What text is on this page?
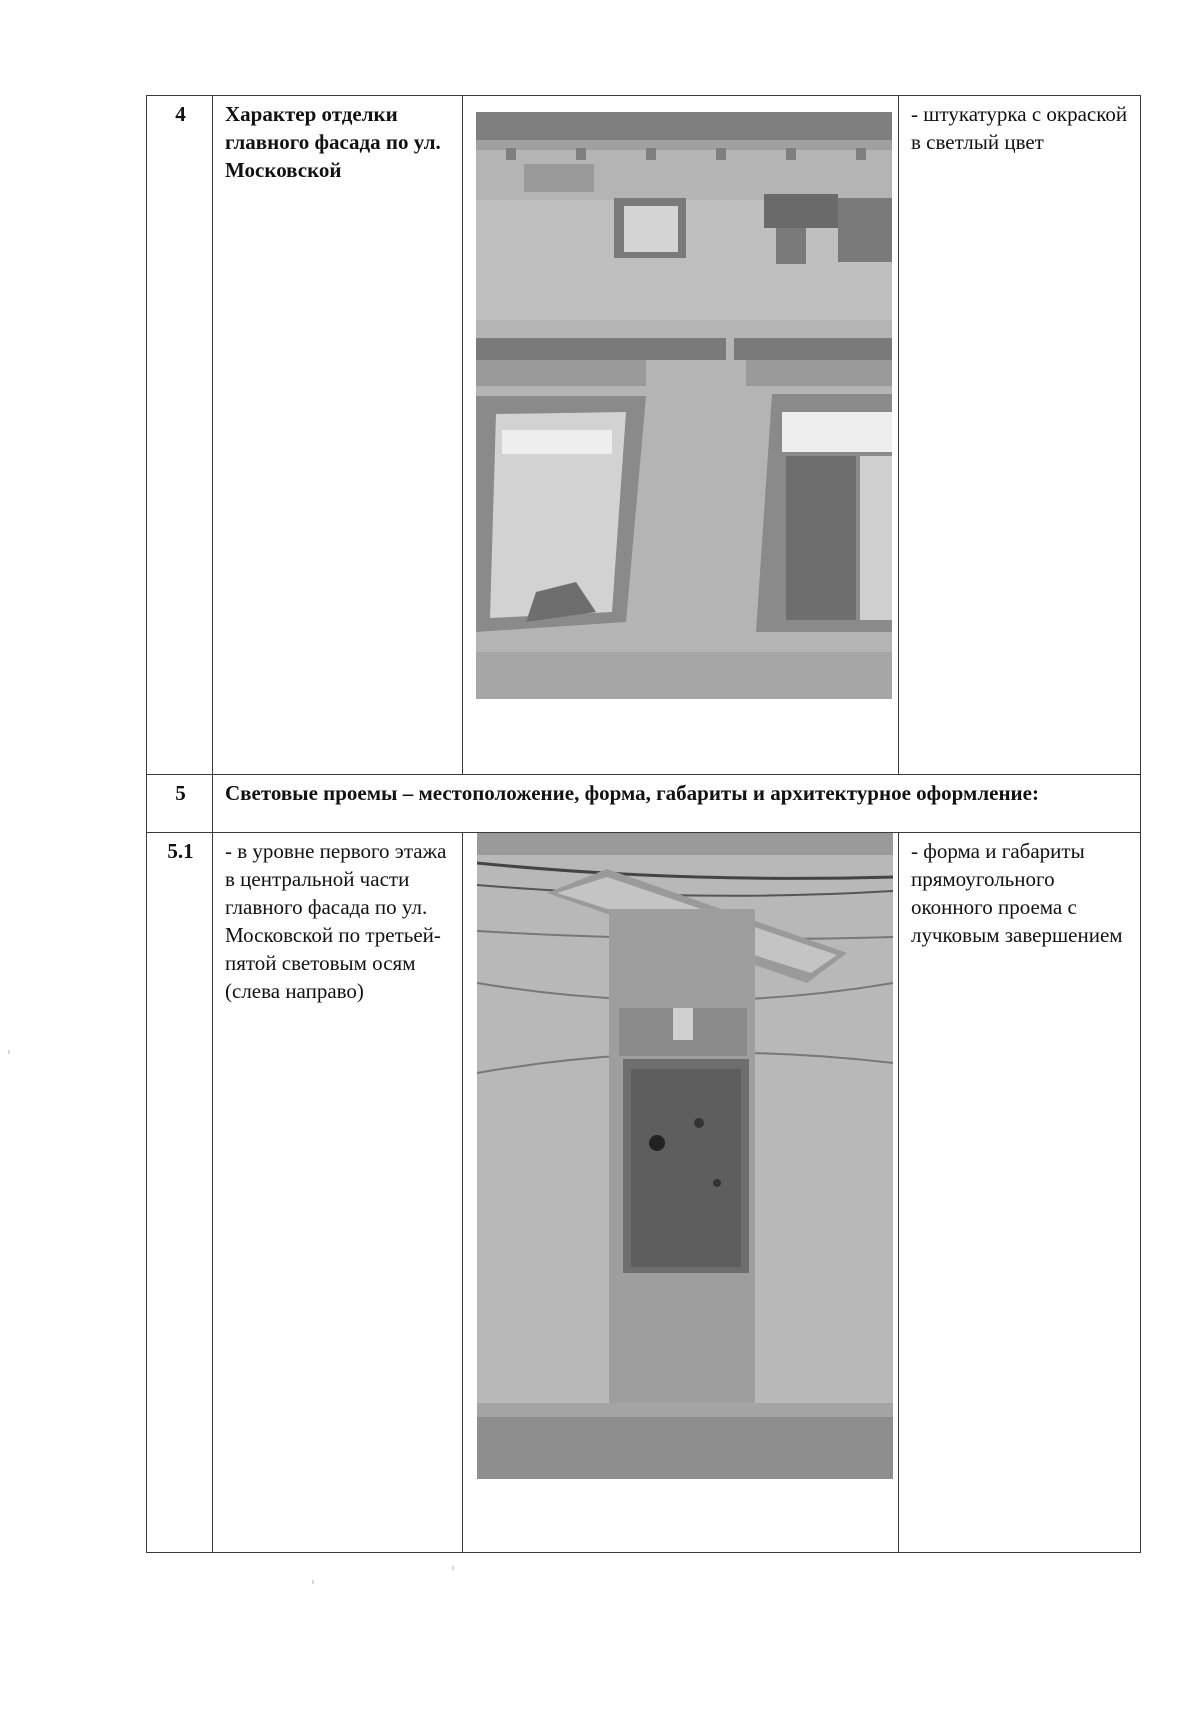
4	Характер отделки главного фасада по ул. Московской		- штукатурка с окраской в светлый цвет
5	Световые проемы – местоположение, форма, габариты и архитектурное оформление:		
5.1	- в уровне первого этажа в центральной части главного фасада по ул. Московской по третьей-пятой световым осям (слева направо)		- форма и габариты прямоугольного оконного проема с лучковым завершением
